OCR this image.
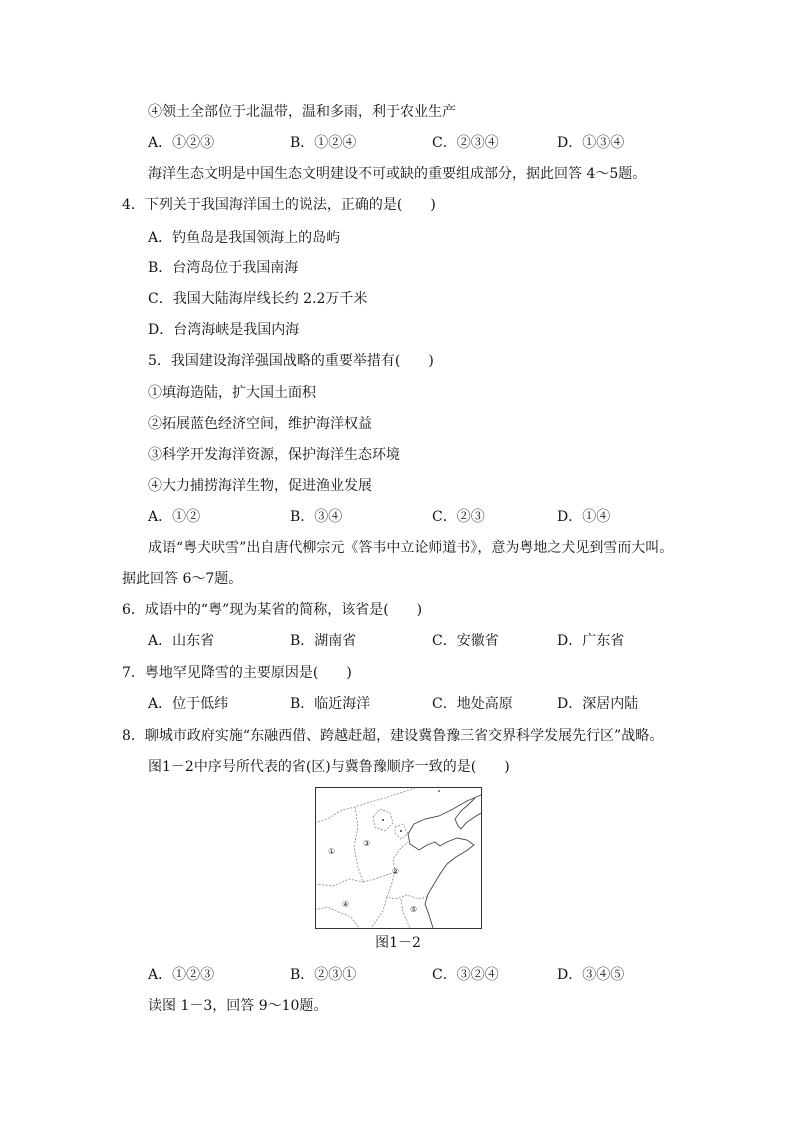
④领土全部位于北温带，温和多雨，利于农业生产
A．①②③	B．①②④	C．②③④	D．①③④
海洋生态文明是中国生态文明建设不可或缺的重要组成部分，据此回答 4～5题。
4．下列关于我国海洋国土的说法，正确的是(　　)
A．钓鱼岛是我国领海上的岛屿
B．台湾岛位于我国南海
C．我国大陆海岸线长约 2.2万千米
D．台湾海峡是我国内海
5．我国建设海洋强国战略的重要举措有(　　)
①填海造陆，扩大国土面积
②拓展蓝色经济空间，维护海洋权益
③科学开发海洋资源，保护海洋生态环境
④大力捕捞海洋生物，促进渔业发展
A．①②	B．③④	C．②③	D．①④
成语“粤犬吠雪”出自唐代柳宗元《答韦中立论师道书》，意为粤地之犬见到雪而大叫。
据此回答 6～7题。
6．成语中的“粤”现为某省的简称，该省是(　　)
A．山东省	B．湖南省	C．安徽省	D．广东省
7．粤地罕见降雪的主要原因是(　　)
A．位于低纬	B．临近海洋	C．地处高原	D．深居内陆
8．聊城市政府实施“东融西借、跨越赶超，建设冀鲁豫三省交界科学发展先行区”战略。
图1－2中序号所代表的省(区)与冀鲁豫顺序一致的是(　　)
①
②
③
④
⑤
图1－2
A．①②③	B．②③①	C．③②④	D．③④⑤
读图 1－3，回答 9～10题。
